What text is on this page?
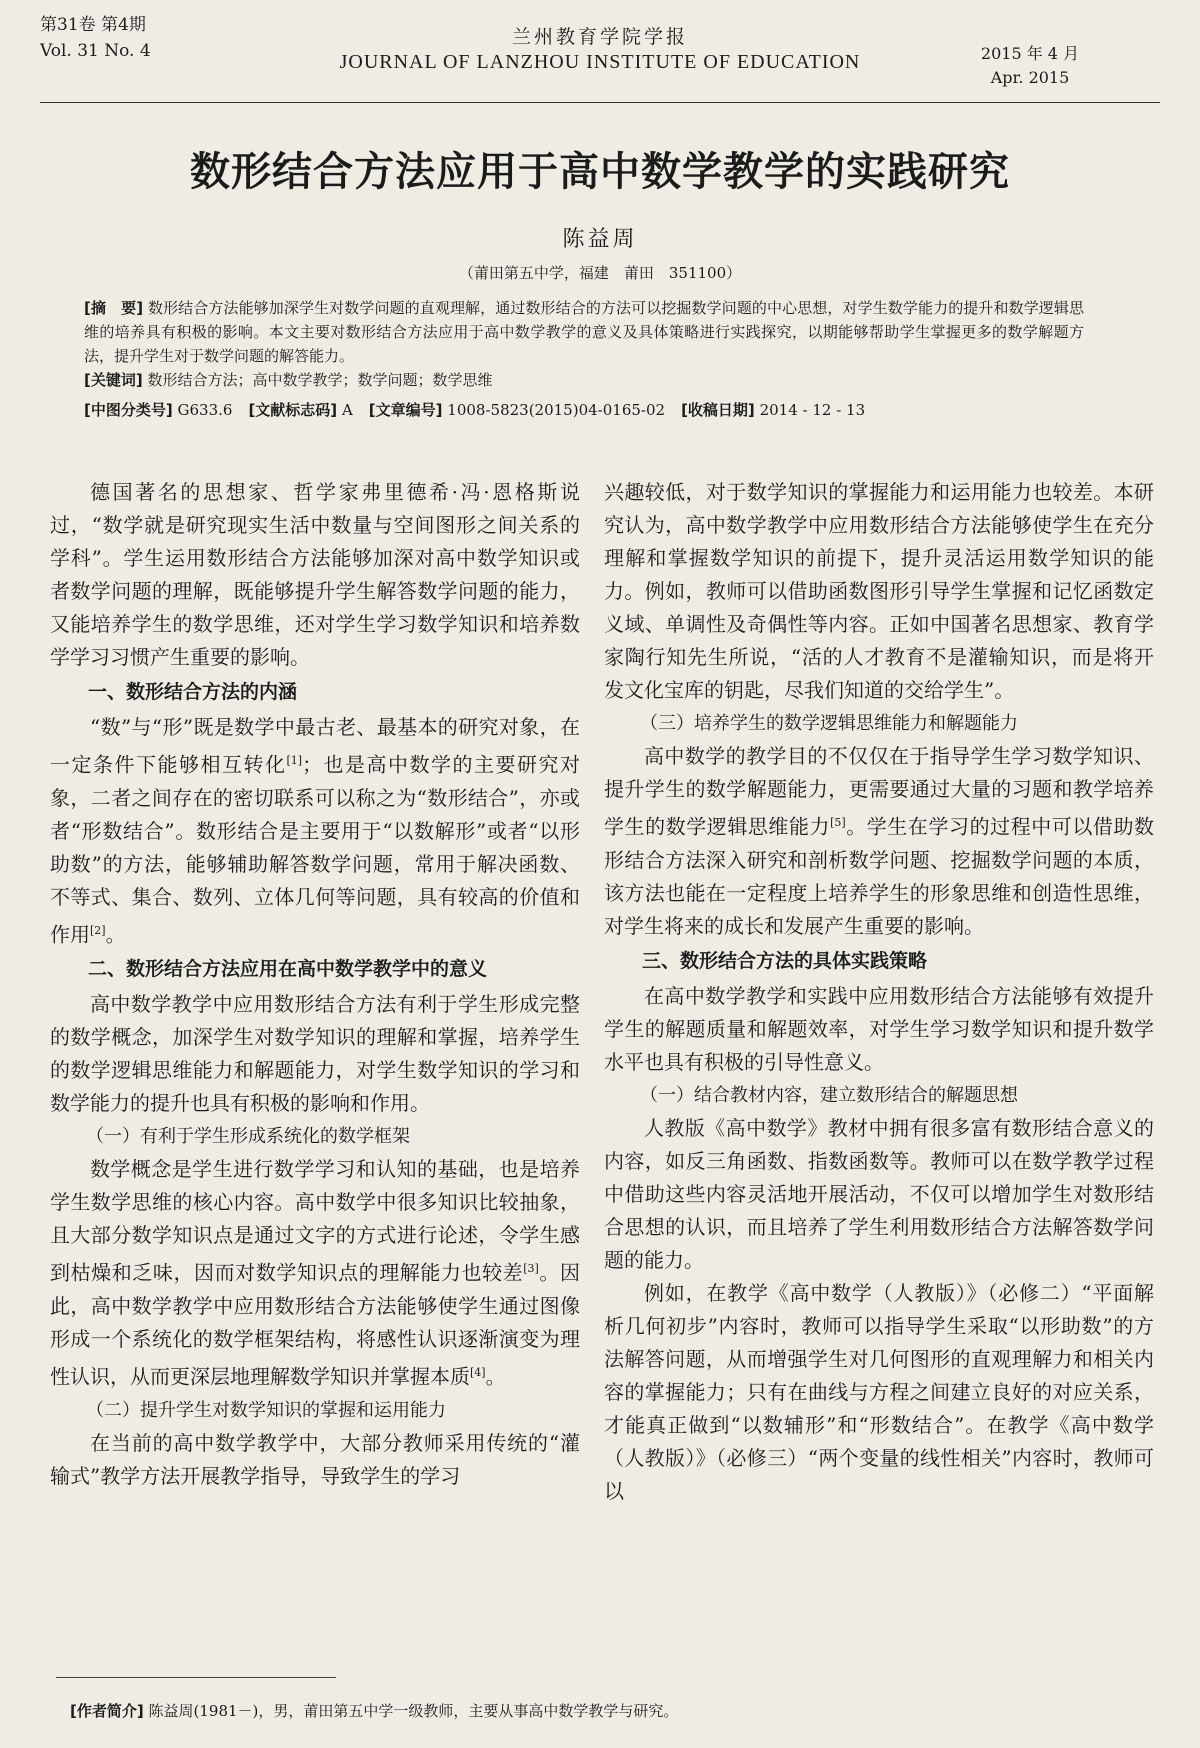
第31卷 第4期
Vol. 31 No. 4
兰州教育学院学报
JOURNAL OF LANZHOU INSTITUTE OF EDUCATION	2015 年 4 月
Apr. 2015
数形结合方法应用于高中数学教学的实践研究
陈益周
（莆田第五中学，福建　莆田　351100）

[摘　要] 数形结合方法能够加深学生对数学问题的直观理解，通过数形结合的方法可以挖掘数学问题的中心思想，对学生数学能力的提升和数学逻辑思维的培养具有积极的影响。本文主要对数形结合方法应用于高中数学教学的意义及具体策略进行实践探究，以期能够帮助学生掌握更多的数学解题方法，提升学生对于数学问题的解答能力。

[关键词] 数形结合方法；高中数学教学；数学问题；数学思维

[中图分类号] G633.6 [文献标志码] A [文章编号] 1008-5823(2015)04-0165-02 [收稿日期] 2014 - 12 - 13

德国著名的思想家、哲学家弗里德希·冯·恩格斯说过，“数学就是研究现实生活中数量与空间图形之间关系的学科”。学生运用数形结合方法能够加深对高中数学知识或者数学问题的理解，既能够提升学生解答数学问题的能力，又能培养学生的数学思维，还对学生学习数学知识和培养数学学习习惯产生重要的影响。

一、数形结合方法的内涵

“数”与“形”既是数学中最古老、最基本的研究对象，在一定条件下能够相互转化[1]；也是高中数学的主要研究对象，二者之间存在的密切联系可以称之为“数形结合”，亦或者“形数结合”。数形结合是主要用于“以数解形”或者“以形助数”的方法，能够辅助解答数学问题，常用于解决函数、不等式、集合、数列、立体几何等问题，具有较高的价值和作用[2]。

二、数形结合方法应用在高中数学教学中的意义

高中数学教学中应用数形结合方法有利于学生形成完整的数学概念，加深学生对数学知识的理解和掌握，培养学生的数学逻辑思维能力和解题能力，对学生数学知识的学习和数学能力的提升也具有积极的影响和作用。

（一）有利于学生形成系统化的数学框架

数学概念是学生进行数学学习和认知的基础，也是培养学生数学思维的核心内容。高中数学中很多知识比较抽象，且大部分数学知识点是通过文字的方式进行论述，令学生感到枯燥和乏味，因而对数学知识点的理解能力也较差[3]。因此，高中数学教学中应用数形结合方法能够使学生通过图像形成一个系统化的数学框架结构，将感性认识逐渐演变为理性认识，从而更深层地理解数学知识并掌握本质[4]。

（二）提升学生对数学知识的掌握和运用能力

在当前的高中数学教学中，大部分教师采用传统的“灌输式”教学方法开展教学指导，导致学生的学习

兴趣较低，对于数学知识的掌握能力和运用能力也较差。本研究认为，高中数学教学中应用数形结合方法能够使学生在充分理解和掌握数学知识的前提下，提升灵活运用数学知识的能力。例如，教师可以借助函数图形引导学生掌握和记忆函数定义域、单调性及奇偶性等内容。正如中国著名思想家、教育学家陶行知先生所说，“活的人才教育不是灌输知识，而是将开发文化宝库的钥匙，尽我们知道的交给学生”。

（三）培养学生的数学逻辑思维能力和解题能力

高中数学的教学目的不仅仅在于指导学生学习数学知识、提升学生的数学解题能力，更需要通过大量的习题和教学培养学生的数学逻辑思维能力[5]。学生在学习的过程中可以借助数形结合方法深入研究和剖析数学问题、挖掘数学问题的本质，该方法也能在一定程度上培养学生的形象思维和创造性思维，对学生将来的成长和发展产生重要的影响。

三、数形结合方法的具体实践策略

在高中数学教学和实践中应用数形结合方法能够有效提升学生的解题质量和解题效率，对学生学习数学知识和提升数学水平也具有积极的引导性意义。

（一）结合教材内容，建立数形结合的解题思想

人教版《高中数学》教材中拥有很多富有数形结合意义的内容，如反三角函数、指数函数等。教师可以在数学教学过程中借助这些内容灵活地开展活动，不仅可以增加学生对数形结合思想的认识，而且培养了学生利用数形结合方法解答数学问题的能力。

例如，在教学《高中数学（人教版）》（必修二）“平面解析几何初步”内容时，教师可以指导学生采取“以形助数”的方法解答问题，从而增强学生对几何图形的直观理解力和相关内容的掌握能力；只有在曲线与方程之间建立良好的对应关系，才能真正做到“以数辅形”和“形数结合”。在教学《高中数学（人教版）》（必修三）“两个变量的线性相关”内容时，教师可以

[作者简介] 陈益周(1981－)，男，莆田第五中学一级教师，主要从事高中数学教学与研究。
